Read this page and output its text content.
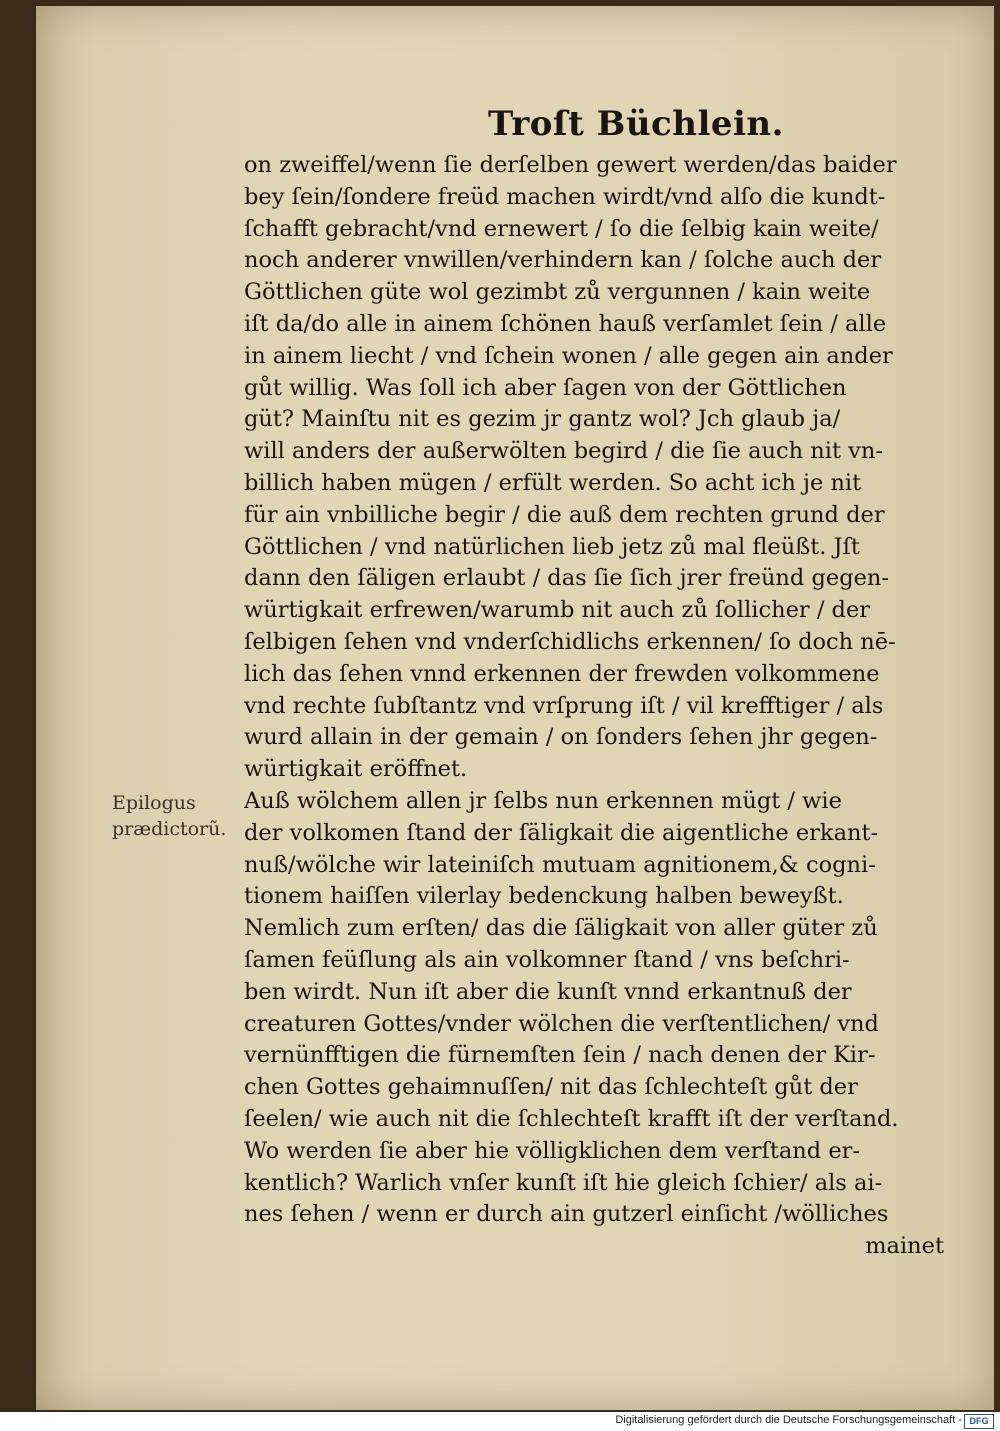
Troſt Büchlein.
Epilogus
prædictorũ.
on zweiffel/wenn ſie derſelben gewert werden/das baider
bey ſein/ſondere freüd machen wirdt/vnd alſo die kundt-
ſchafft gebracht/vnd ernewert / ſo die ſelbig kain weite/
noch anderer vnwillen/verhindern kan / ſolche auch der
Göttlichen güte wol gezimbt zů vergunnen / kain weite
iſt da/do alle in ainem ſchönen hauß verſamlet ſein / alle
in ainem liecht / vnd ſchein wonen / alle gegen ain ander
gůt willig. Was ſoll ich aber ſagen von der Göttlichen
güt? Mainſtu nit es gezim jr gantz wol? Jch glaub ja/
will anders der außerwölten begird / die ſie auch nit vn-
billich haben mügen / erfült werden. So acht ich je nit
für ain vnbilliche begir / die auß dem rechten grund der
Göttlichen / vnd natürlichen lieb jetz zů mal fleüßt. Jſt
dann den ſäligen erlaubt / das ſie ſich jrer freünd gegen-
würtigkait erfrewen/warumb nit auch zů ſollicher / der
ſelbigen ſehen vnd vnderſchidlichs erkennen/ ſo doch nē-
lich das ſehen vnnd erkennen der frewden volkommene
vnd rechte ſubſtantz vnd vrſprung iſt / vil krefftiger / als
wurd allain in der gemain / on ſonders ſehen jhr gegen-
würtigkait eröffnet.
Auß wölchem allen jr ſelbs nun erkennen mügt / wie
der volkomen ſtand der ſäligkait die aigentliche erkant-
nuß/wölche wir lateiniſch mutuam agnitionem,& cogni-
tionem haiſſen vilerlay bedenckung halben beweyßt.
Nemlich zum erſten/ das die ſäligkait von aller güter zů
ſamen feüſlung als ain volkomner ſtand / vns beſchri-
ben wirdt. Nun iſt aber die kunſt vnnd erkantnuß der
creaturen Gottes/vnder wölchen die verſtentlichen/ vnd
vernünfftigen die fürnemſten ſein / nach denen der Kir-
chen Gottes gehaimnuſſen/ nit das ſchlechteſt gůt der
ſeelen/ wie auch nit die ſchlechteſt krafft iſt der verſtand.
Wo werden ſie aber hie völligklichen dem verſtand er-
kentlich? Warlich vnſer kunſt iſt hie gleich ſchier/ als ai-
nes ſehen / wenn er durch ain gutzerl einſicht /wölliches
mainet
Digitalisierung gefördert durch die Deutsche Forschungsgemeinschaft - DFG
